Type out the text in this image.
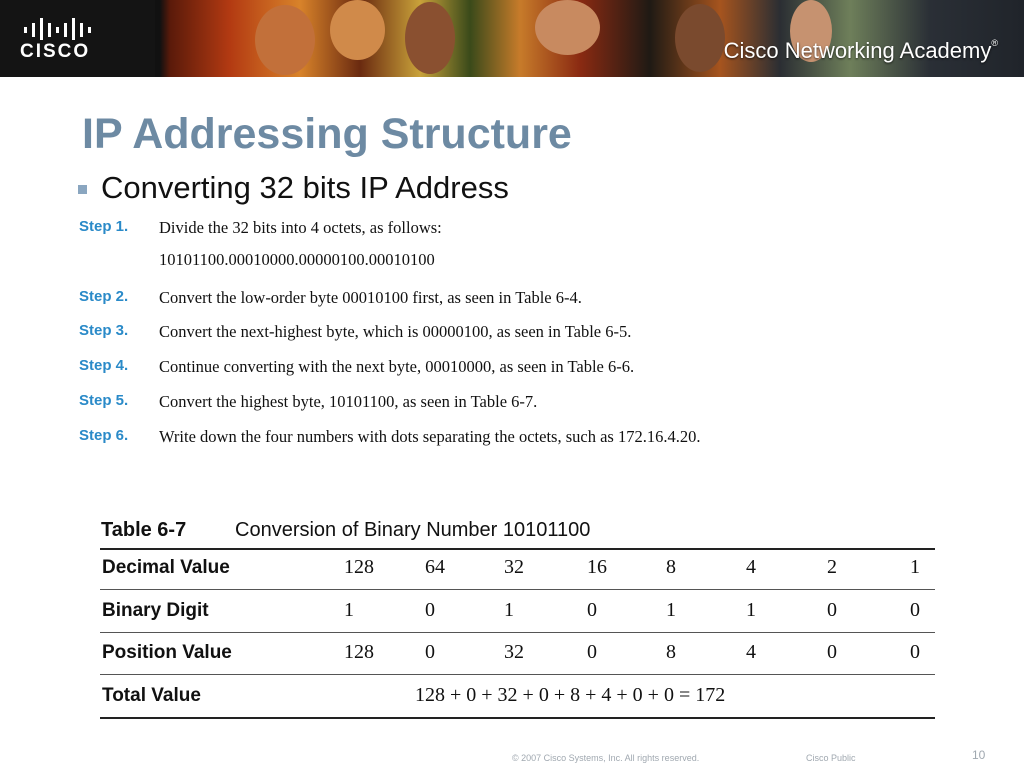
CISCO	Cisco Networking Academy®
IP Addressing Structure
Converting 32 bits IP Address
Step 1.	Divide the 32 bits into 4 octets, as follows:
10101100.00010000.00000100.00010100
Step 2.	Convert the low-order byte 00010100 first, as seen in Table 6-4.
Step 3.	Convert the next-highest byte, which is 00000100, as seen in Table 6-5.
Step 4.	Continue converting with the next byte, 00010000, as seen in Table 6-6.
Step 5.	Convert the highest byte, 10101100, as seen in Table 6-7.
Step 6.	Write down the four numbers with dots separating the octets, such as 172.16.4.20.
Table 6-7	Conversion of Binary Number 10101100
Decimal Value	128	64	32	16	8	4	2	1
Binary Digit	1	0	1	0	1	1	0	0
Position Value	128	0	32	0	8	4	0	0
Total Value	128 + 0 + 32 + 0 + 8 + 4 + 0 + 0 = 172
© 2007 Cisco Systems, Inc. All rights reserved.	Cisco Public	10
